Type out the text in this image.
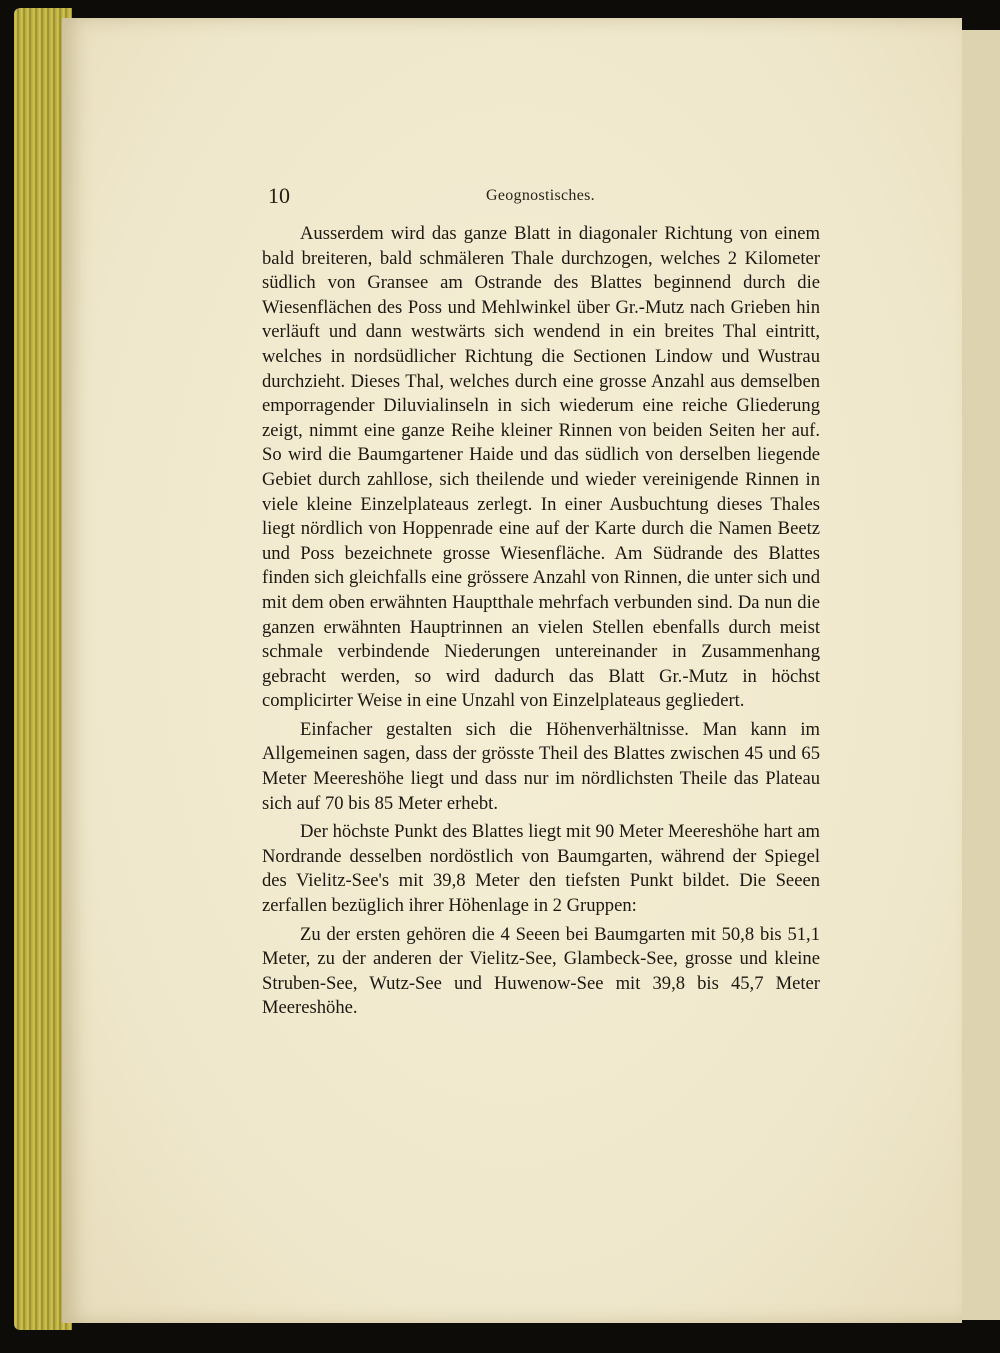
10	Geognostisches.

Ausserdem wird das ganze Blatt in diagonaler Richtung von einem bald breiteren, bald schmäleren Thale durchzogen, welches 2 Kilometer südlich von Gransee am Ostrande des Blattes beginnend durch die Wiesenflächen des Poss und Mehlwinkel über Gr.-Mutz nach Grieben hin verläuft und dann westwärts sich wendend in ein breites Thal eintritt, welches in nordsüdlicher Richtung die Sectionen Lindow und Wustrau durchzieht. Dieses Thal, welches durch eine grosse Anzahl aus demselben emporragender Diluvialinseln in sich wiederum eine reiche Gliederung zeigt, nimmt eine ganze Reihe kleiner Rinnen von beiden Seiten her auf. So wird die Baumgartener Haide und das südlich von derselben liegende Gebiet durch zahllose, sich theilende und wieder vereinigende Rinnen in viele kleine Einzelplateaus zerlegt. In einer Ausbuchtung dieses Thales liegt nördlich von Hoppenrade eine auf der Karte durch die Namen Beetz und Poss bezeichnete grosse Wiesenfläche. Am Südrande des Blattes finden sich gleichfalls eine grössere Anzahl von Rinnen, die unter sich und mit dem oben erwähnten Hauptthale mehrfach verbunden sind. Da nun die ganzen erwähnten Hauptrinnen an vielen Stellen ebenfalls durch meist schmale verbindende Niederungen untereinander in Zusammenhang gebracht werden, so wird dadurch das Blatt Gr.-Mutz in höchst complicirter Weise in eine Unzahl von Einzelplateaus gegliedert.

Einfacher gestalten sich die Höhenverhältnisse. Man kann im Allgemeinen sagen, dass der grösste Theil des Blattes zwischen 45 und 65 Meter Meereshöhe liegt und dass nur im nördlichsten Theile das Plateau sich auf 70 bis 85 Meter erhebt.

Der höchste Punkt des Blattes liegt mit 90 Meter Meereshöhe hart am Nordrande desselben nordöstlich von Baumgarten, während der Spiegel des Vielitz-See's mit 39,8 Meter den tiefsten Punkt bildet. Die Seeen zerfallen bezüglich ihrer Höhenlage in 2 Gruppen:

Zu der ersten gehören die 4 Seeen bei Baumgarten mit 50,8 bis 51,1 Meter, zu der anderen der Vielitz-See, Glambeck-See, grosse und kleine Struben-See, Wutz-See und Huwenow-See mit 39,8 bis 45,7 Meter Meereshöhe.
